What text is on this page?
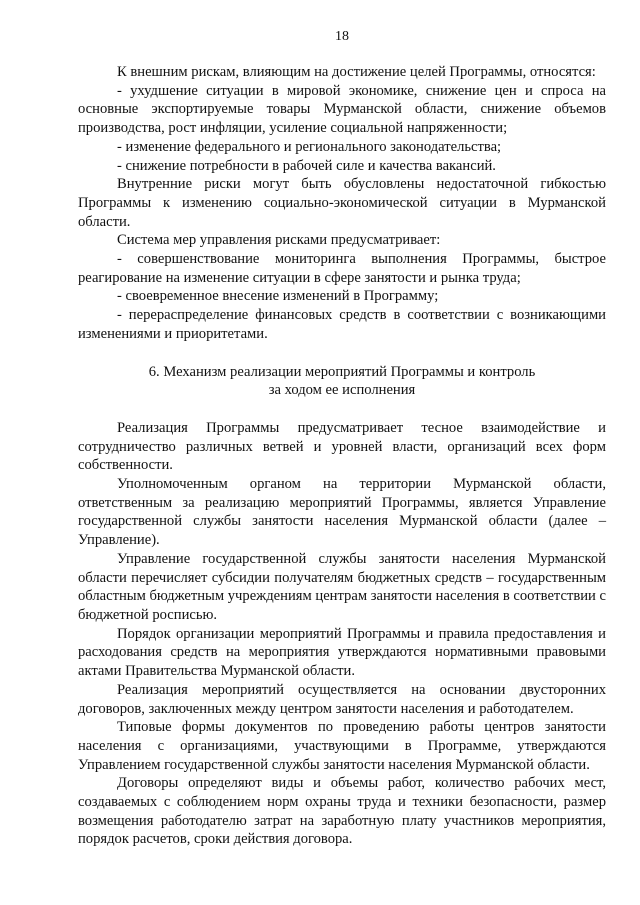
18

К внешним рискам, влияющим на достижение целей Программы, относятся:

- ухудшение ситуации в мировой экономике, снижение цен и спроса на основные экспортируемые товары Мурманской области, снижение объемов производства, рост инфляции, усиление социальной напряженности;

- изменение федерального и регионального законодательства;

- снижение потребности в рабочей силе и качества вакансий.

Внутренние риски могут быть обусловлены недостаточной гибкостью Программы к изменению социально-экономической ситуации в Мурманской области.

Система мер управления рисками предусматривает:

- совершенствование мониторинга выполнения Программы, быстрое реагирование на изменение ситуации в сфере занятости и рынка труда;

- своевременное внесение изменений в Программу;

- перераспределение финансовых средств в соответствии с возникающими изменениями и приоритетами.

6. Механизм реализации мероприятий Программы и контроль
за ходом ее исполнения

Реализация Программы предусматривает тесное взаимодействие и сотрудничество различных ветвей и уровней власти, организаций всех форм собственности.

Уполномоченным органом на территории Мурманской области, ответственным за реализацию мероприятий Программы, является Управление государственной службы занятости населения Мурманской области (далее – Управление).

Управление государственной службы занятости населения Мурманской области перечисляет субсидии получателям бюджетных средств – государственным областным бюджетным учреждениям центрам занятости населения в соответствии с бюджетной росписью.

Порядок организации мероприятий Программы и правила предоставления и расходования средств на мероприятия утверждаются нормативными правовыми актами Правительства Мурманской области.

Реализация мероприятий осуществляется на основании двусторонних договоров, заключенных между центром занятости населения и работодателем.

Типовые формы документов по проведению работы центров занятости населения с организациями, участвующими в Программе, утверждаются Управлением государственной службы занятости населения Мурманской области.

Договоры определяют виды и объемы работ, количество рабочих мест, создаваемых с соблюдением норм охраны труда и техники безопасности, размер возмещения работодателю затрат на заработную плату участников мероприятия, порядок расчетов, сроки действия договора.
